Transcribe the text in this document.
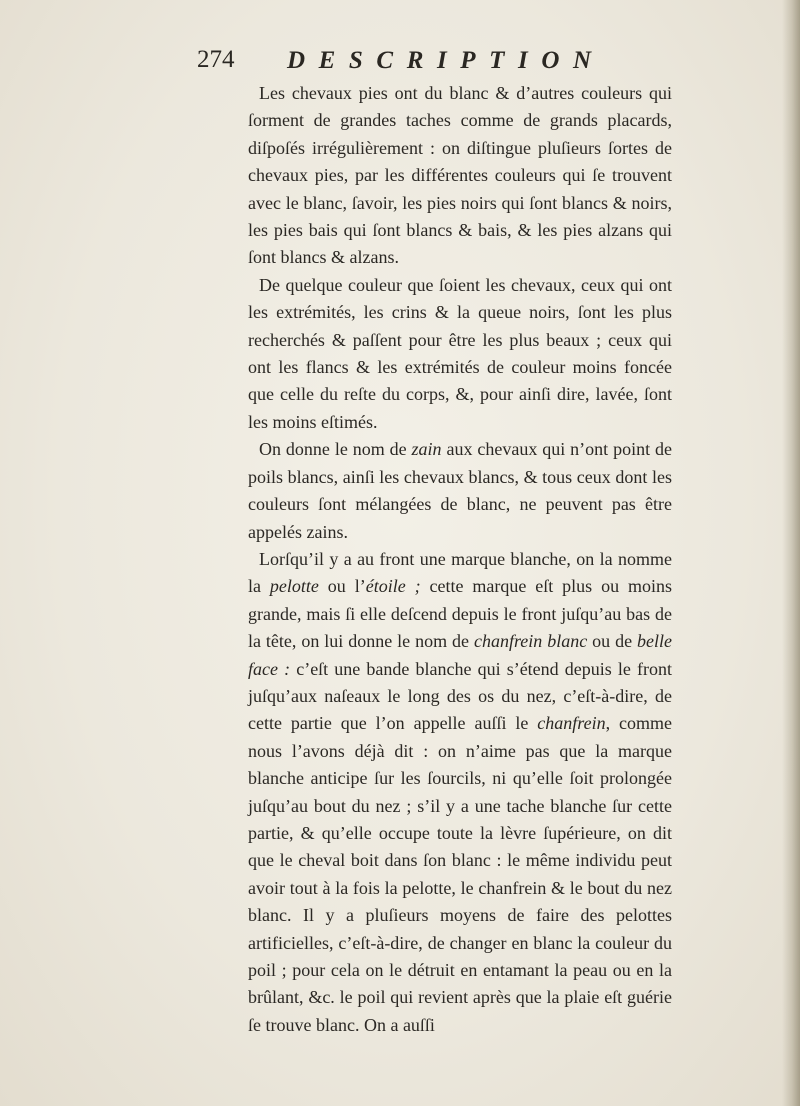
274 DESCRIPTION

Les chevaux pies ont du blanc & d’autres couleurs qui ſorment de grandes taches comme de grands placards, diſpoſés irrégulièrement : on diſtingue pluſieurs ſortes de chevaux pies, par les différentes couleurs qui ſe trouvent avec le blanc, ſavoir, les pies noirs qui ſont blancs & noirs, les pies bais qui ſont blancs & bais, & les pies alzans qui ſont blancs & alzans.

De quelque couleur que ſoient les chevaux, ceux qui ont les extrémités, les crins & la queue noirs, ſont les plus recherchés & paſſent pour être les plus beaux ; ceux qui ont les flancs & les extrémités de couleur moins foncée que celle du reſte du corps, &, pour ainſi dire, lavée, ſont les moins eſtimés.

On donne le nom de zain aux chevaux qui n’ont point de poils blancs, ainſi les chevaux blancs, & tous ceux dont les couleurs ſont mélangées de blanc, ne peuvent pas être appelés zains.

Lorſqu’il y a au front une marque blanche, on la nomme la pelotte ou l’étoile ; cette marque eſt plus ou moins grande, mais ſi elle deſcend depuis le front juſqu’au bas de la tête, on lui donne le nom de chanfrein blanc ou de belle face : c’eſt une bande blanche qui s’étend depuis le front juſqu’aux naſeaux le long des os du nez, c’eſt-à-dire, de cette partie que l’on appelle auſſi le chanfrein, comme nous l’avons déjà dit : on n’aime pas que la marque blanche anticipe ſur les ſourcils, ni qu’elle ſoit prolongée juſqu’au bout du nez ; s’il y a une tache blanche ſur cette partie, & qu’elle occupe toute la lèvre ſupérieure, on dit que le cheval boit dans ſon blanc : le même individu peut avoir tout à la fois la pelotte, le chanfrein & le bout du nez blanc. Il y a pluſieurs moyens de faire des pelottes artificielles, c’eſt-à-dire, de changer en blanc la couleur du poil ; pour cela on le détruit en entamant la peau ou en la brûlant, &c. le poil qui revient après que la plaie eſt guérie ſe trouve blanc. On a auſſi
